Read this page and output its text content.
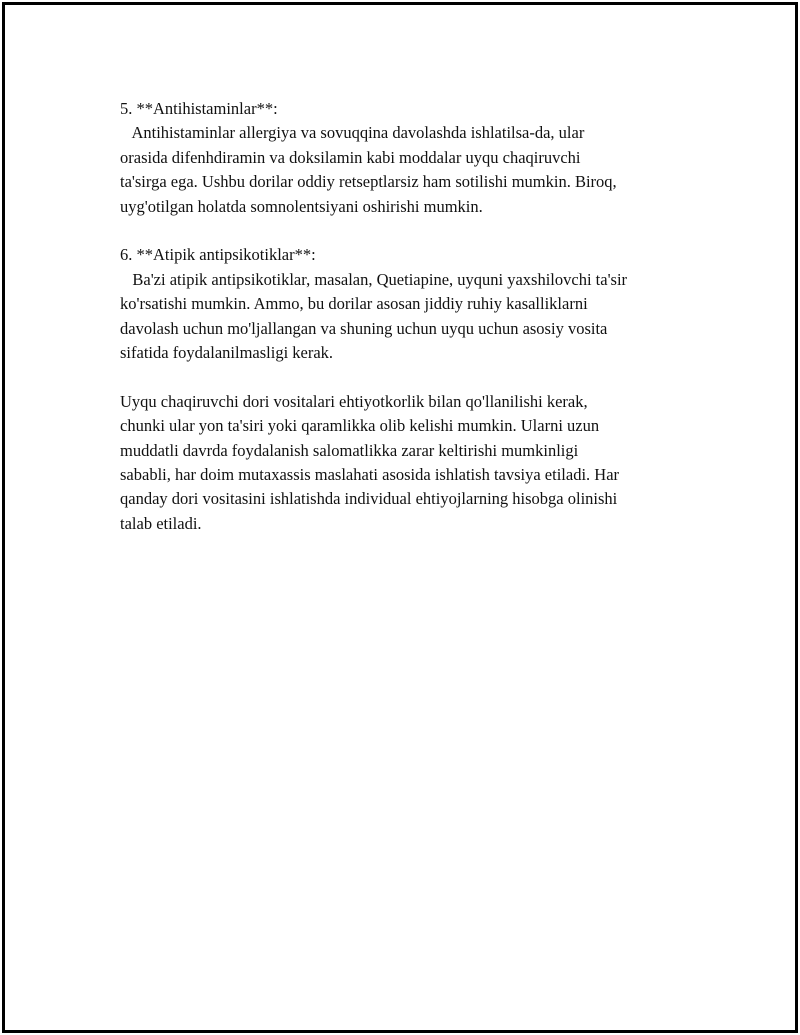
5. **Antihistaminlar**:
Antihistaminlar allergiya va sovuqqina davolashda ishlatilsa-da, ular
orasida difenhdiramin va doksilamin kabi moddalar uyqu chaqiruvchi
ta'sirga ega. Ushbu dorilar oddiy retseptlarsiz ham sotilishi mumkin. Biroq,
uyg'otilgan holatda somnolentsiyani oshirishi mumkin.
6. **Atipik antipsikotiklar**:
Ba'zi atipik antipsikotiklar, masalan, Quetiapine, uyquni yaxshilovchi ta'sir
ko'rsatishi mumkin. Ammo, bu dorilar asosan jiddiy ruhiy kasalliklarni
davolash uchun mo'ljallangan va shuning uchun uyqu uchun asosiy vosita
sifatida foydalanilmasligi kerak.
Uyqu chaqiruvchi dori vositalari ehtiyotkorlik bilan qo'llanilishi kerak,
chunki ular yon ta'siri yoki qaramlikka olib kelishi mumkin. Ularni uzun
muddatli davrda foydalanish salomatlikka zarar keltirishi mumkinligi
sababli, har doim mutaxassis maslahati asosida ishlatish tavsiya etiladi. Har
qanday dori vositasini ishlatishda individual ehtiyojlarning hisobga olinishi
talab etiladi.
